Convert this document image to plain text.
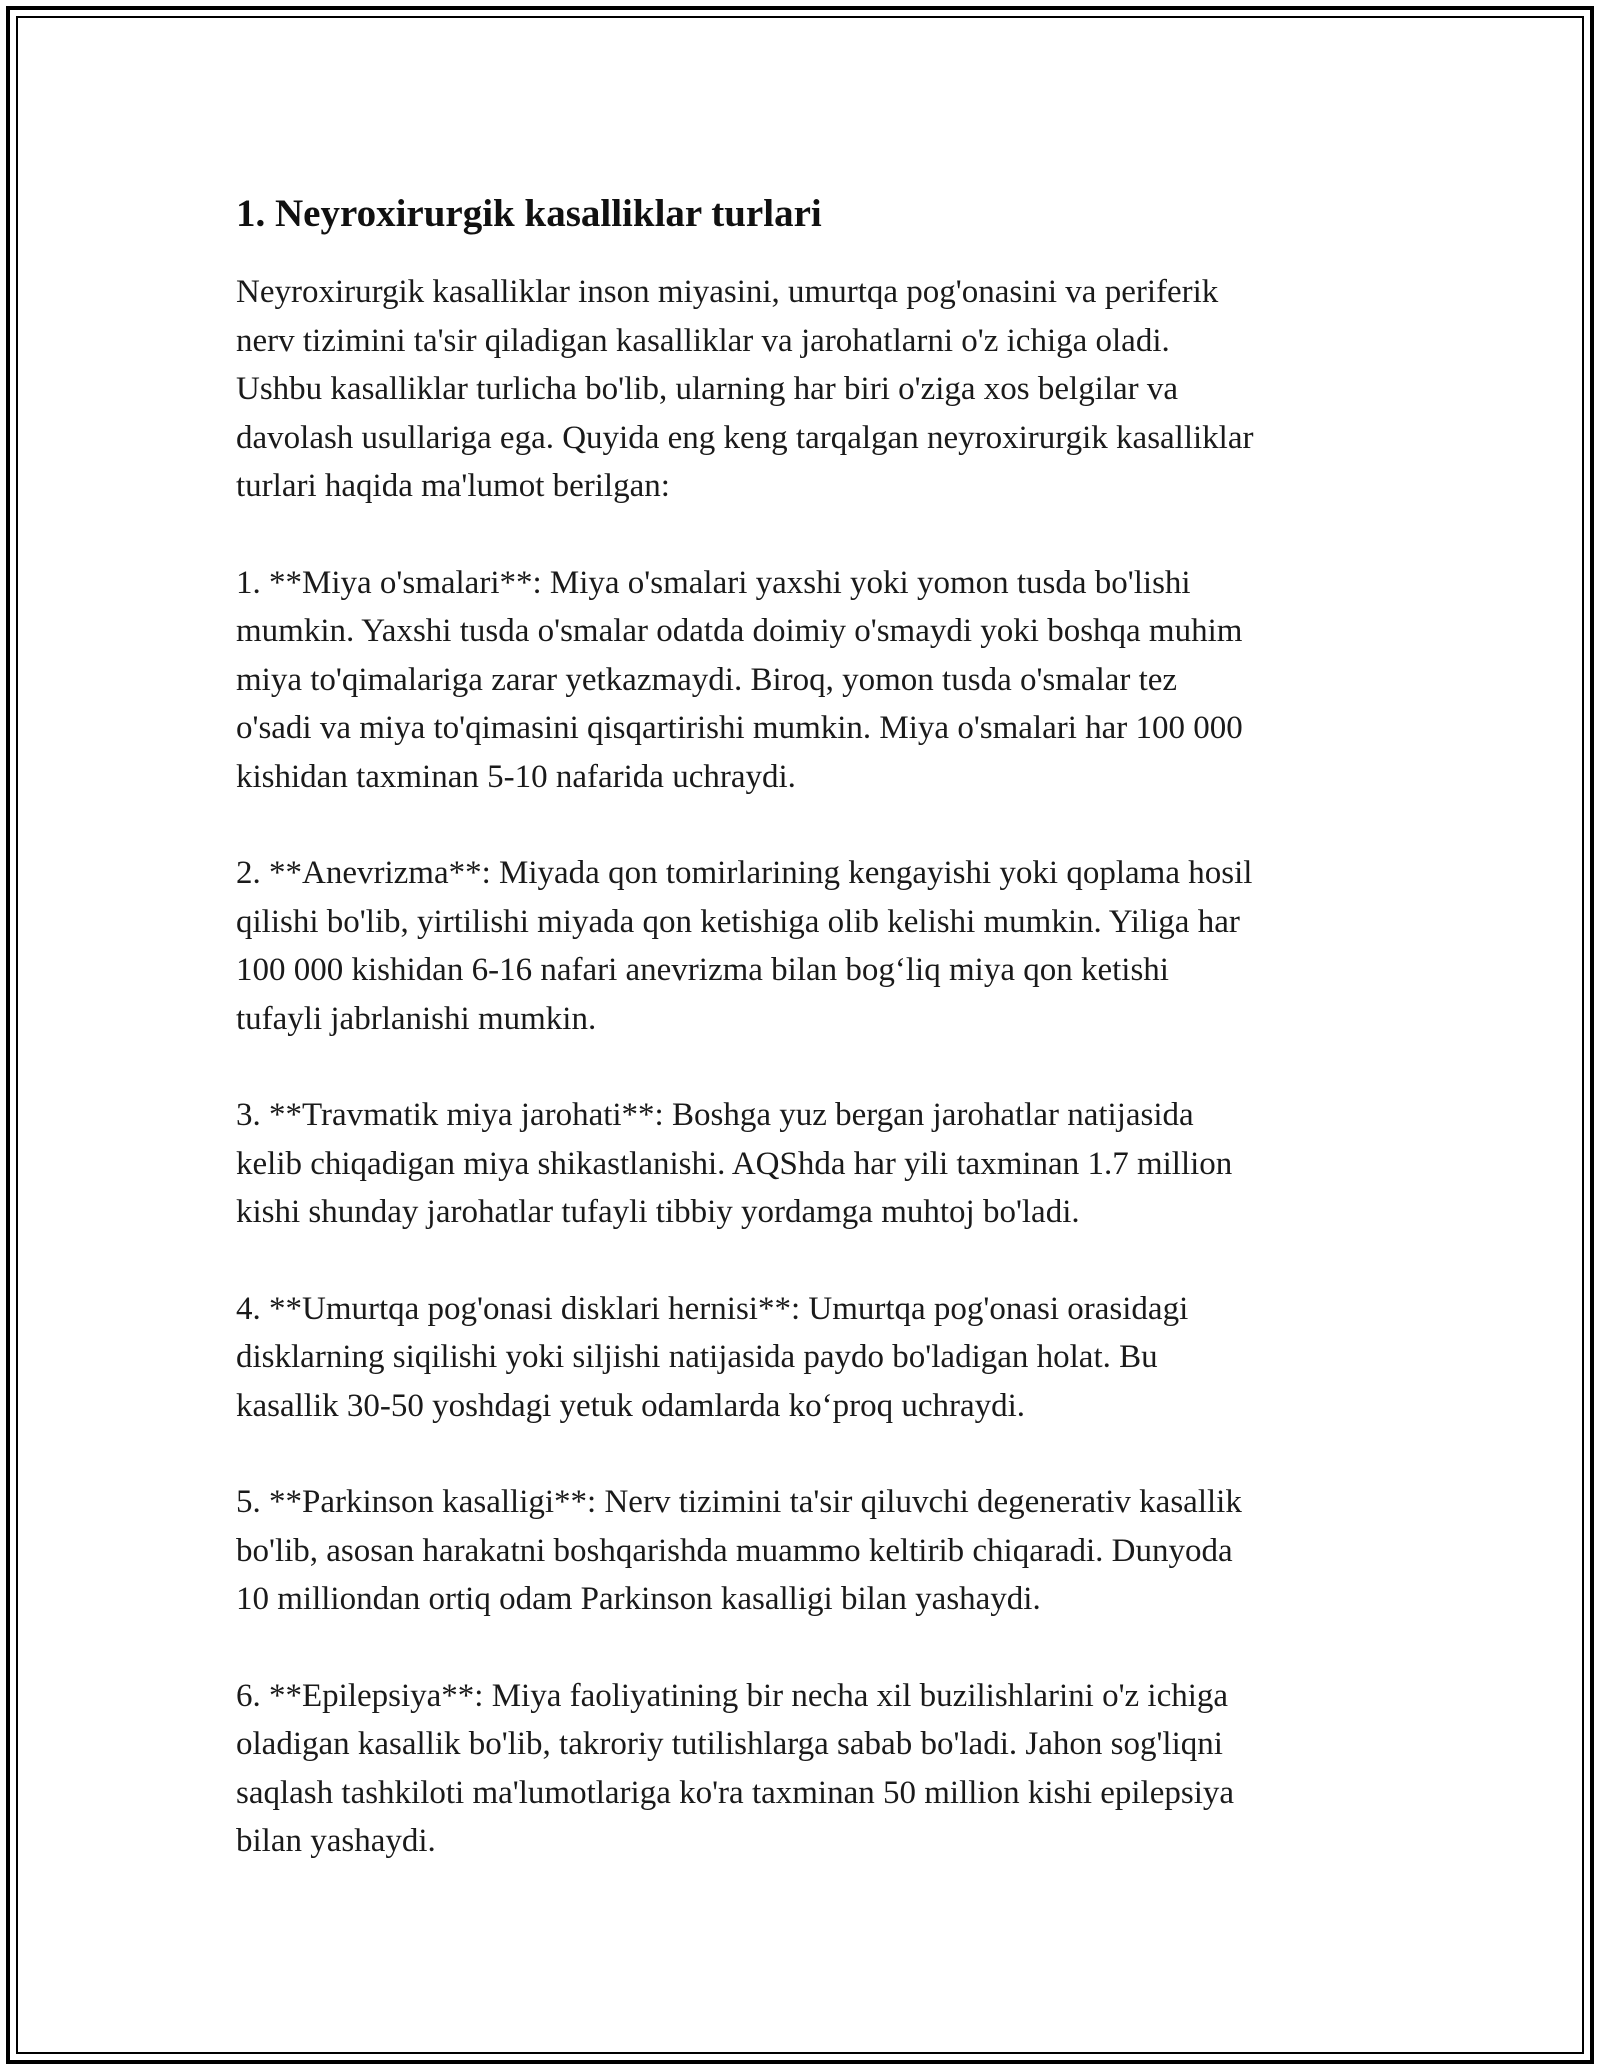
1. Neyroxirurgik kasalliklar turlari

Neyroxirurgik kasalliklar inson miyasini, umurtqa pog'onasini va periferik
nerv tizimini ta'sir qiladigan kasalliklar va jarohatlarni o'z ichiga oladi.
Ushbu kasalliklar turlicha bo'lib, ularning har biri o'ziga xos belgilar va
davolash usullariga ega. Quyida eng keng tarqalgan neyroxirurgik kasalliklar
turlari haqida ma'lumot berilgan:

1. **Miya o'smalari**: Miya o'smalari yaxshi yoki yomon tusda bo'lishi
mumkin. Yaxshi tusda o'smalar odatda doimiy o'smaydi yoki boshqa muhim
miya to'qimalariga zarar yetkazmaydi. Biroq, yomon tusda o'smalar tez
o'sadi va miya to'qimasini qisqartirishi mumkin. Miya o'smalari har 100 000
kishidan taxminan 5-10 nafarida uchraydi.

2. **Anevrizma**: Miyada qon tomirlarining kengayishi yoki qoplama hosil
qilishi bo'lib, yirtilishi miyada qon ketishiga olib kelishi mumkin. Yiliga har
100 000 kishidan 6-16 nafari anevrizma bilan bog‘liq miya qon ketishi
tufayli jabrlanishi mumkin.

3. **Travmatik miya jarohati**: Boshga yuz bergan jarohatlar natijasida
kelib chiqadigan miya shikastlanishi. AQShda har yili taxminan 1.7 million
kishi shunday jarohatlar tufayli tibbiy yordamga muhtoj bo'ladi.

4. **Umurtqa pog'onasi disklari hernisi**: Umurtqa pog'onasi orasidagi
disklarning siqilishi yoki siljishi natijasida paydo bo'ladigan holat. Bu
kasallik 30-50 yoshdagi yetuk odamlarda ko‘proq uchraydi.

5. **Parkinson kasalligi**: Nerv tizimini ta'sir qiluvchi degenerativ kasallik
bo'lib, asosan harakatni boshqarishda muammo keltirib chiqaradi. Dunyoda
10 milliondan ortiq odam Parkinson kasalligi bilan yashaydi.

6. **Epilepsiya**: Miya faoliyatining bir necha xil buzilishlarini o'z ichiga
oladigan kasallik bo'lib, takroriy tutilishlarga sabab bo'ladi. Jahon sog'liqni
saqlash tashkiloti ma'lumotlariga ko'ra taxminan 50 million kishi epilepsiya
bilan yashaydi.
